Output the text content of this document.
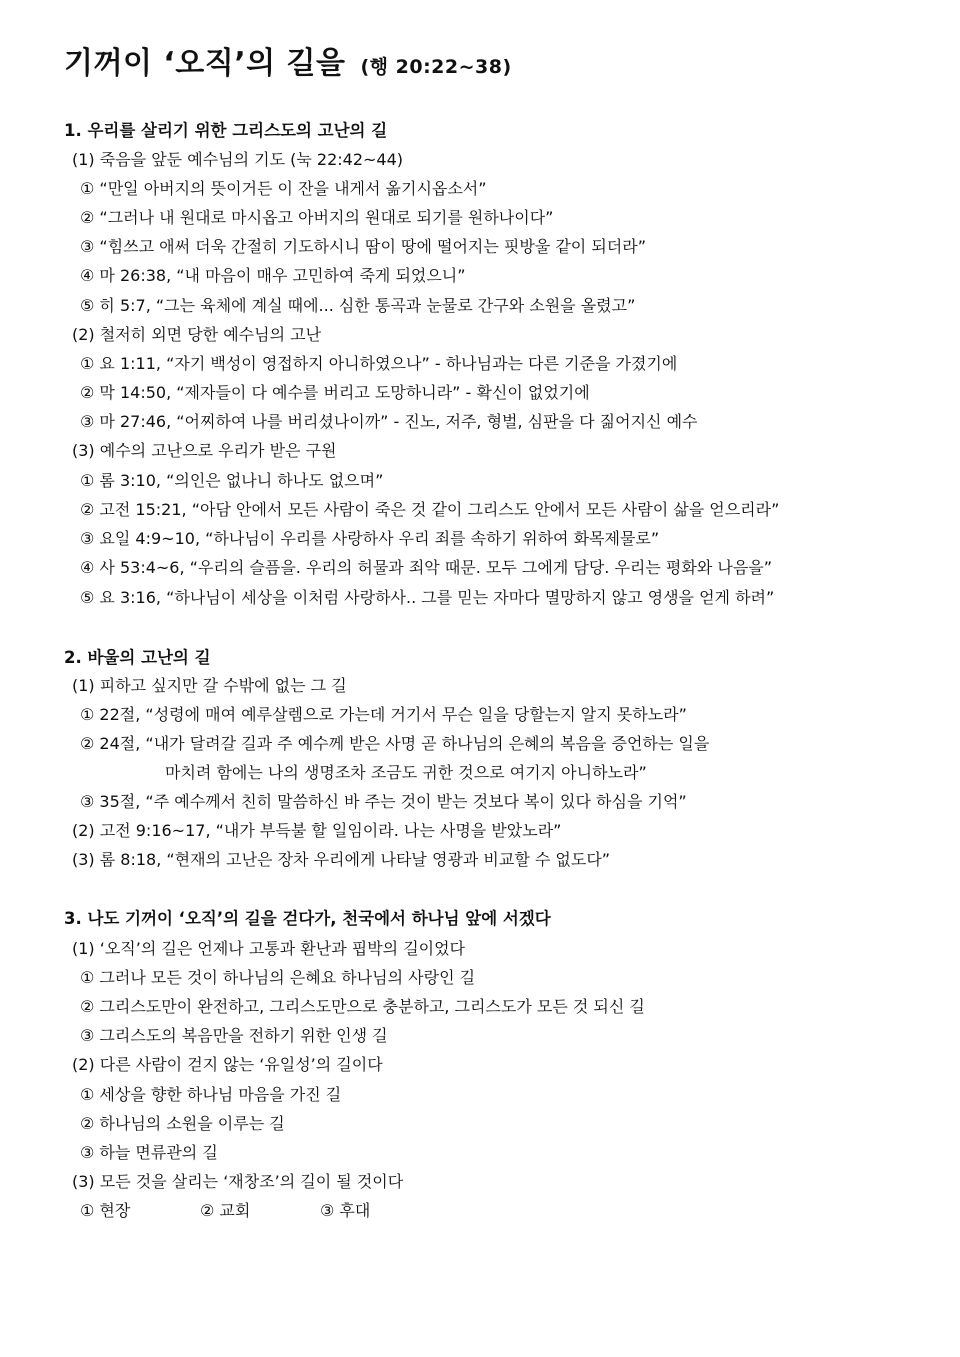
기꺼이 ‘오직’의 길을 (행 20:22~38)
1. 우리를 살리기 위한 그리스도의 고난의 길
(1) 죽음을 앞둔 예수님의 기도 (눅 22:42~44)
① “만일 아버지의 뜻이거든 이 잔을 내게서 옮기시옵소서”
② “그러나 내 원대로 마시옵고 아버지의 원대로 되기를 원하나이다”
③ “힘쓰고 애써 더욱 간절히 기도하시니 땀이 땅에 떨어지는 핏방울 같이 되더라”
④ 마 26:38, “내 마음이 매우 고민하여 죽게 되었으니”
⑤ 히 5:7, “그는 육체에 계실 때에... 심한 통곡과 눈물로 간구와 소원을 올렸고”
(2) 철저히 외면 당한 예수님의 고난
① 요 1:11, “자기 백성이 영접하지 아니하였으나” - 하나님과는 다른 기준을 가졌기에
② 막 14:50, “제자들이 다 예수를 버리고 도망하니라” - 확신이 없었기에
③ 마 27:46, “어찌하여 나를 버리셨나이까” - 진노, 저주, 형벌, 심판을 다 짊어지신 예수
(3) 예수의 고난으로 우리가 받은 구원
① 롬 3:10, “의인은 없나니 하나도 없으며”
② 고전 15:21, “아담 안에서 모든 사람이 죽은 것 같이 그리스도 안에서 모든 사람이 삶을 얻으리라”
③ 요일 4:9~10, “하나님이 우리를 사랑하사 우리 죄를 속하기 위하여 화목제물로”
④ 사 53:4~6, “우리의 슬픔을. 우리의 허물과 죄악 때문. 모두 그에게 담당. 우리는 평화와 나음을”
⑤ 요 3:16, “하나님이 세상을 이처럼 사랑하사.. 그를 믿는 자마다 멸망하지 않고 영생을 얻게 하려”
2. 바울의 고난의 길
(1) 피하고 싶지만 갈 수밖에 없는 그 길
① 22절, “성령에 매여 예루살렘으로 가는데 거기서 무슨 일을 당할는지 알지 못하노라”
② 24절, “내가 달려갈 길과 주 예수께 받은 사명 곧 하나님의 은혜의 복음을 증언하는 일을
마치려 함에는 나의 생명조차 조금도 귀한 것으로 여기지 아니하노라”
③ 35절, “주 예수께서 친히 말씀하신 바 주는 것이 받는 것보다 복이 있다 하심을 기억”
(2) 고전 9:16~17, “내가 부득불 할 일임이라. 나는 사명을 받았노라”
(3) 롬 8:18, “현재의 고난은 장차 우리에게 나타날 영광과 비교할 수 없도다”
3. 나도 기꺼이 ‘오직’의 길을 걷다가, 천국에서 하나님 앞에 서겠다
(1) ‘오직’의 길은 언제나 고통과 환난과 핍박의 길이었다
① 그러나 모든 것이 하나님의 은혜요 하나님의 사랑인 길
② 그리스도만이 완전하고, 그리스도만으로 충분하고, 그리스도가 모든 것 되신 길
③ 그리스도의 복음만을 전하기 위한 인생 길
(2) 다른 사람이 걷지 않는 ‘유일성’의 길이다
① 세상을 향한 하나님 마음을 가진 길
② 하나님의 소원을 이루는 길
③ 하늘 면류관의 길
(3) 모든 것을 살리는 ‘재창조’의 길이 될 것이다
① 현장	② 교회	③ 후대
